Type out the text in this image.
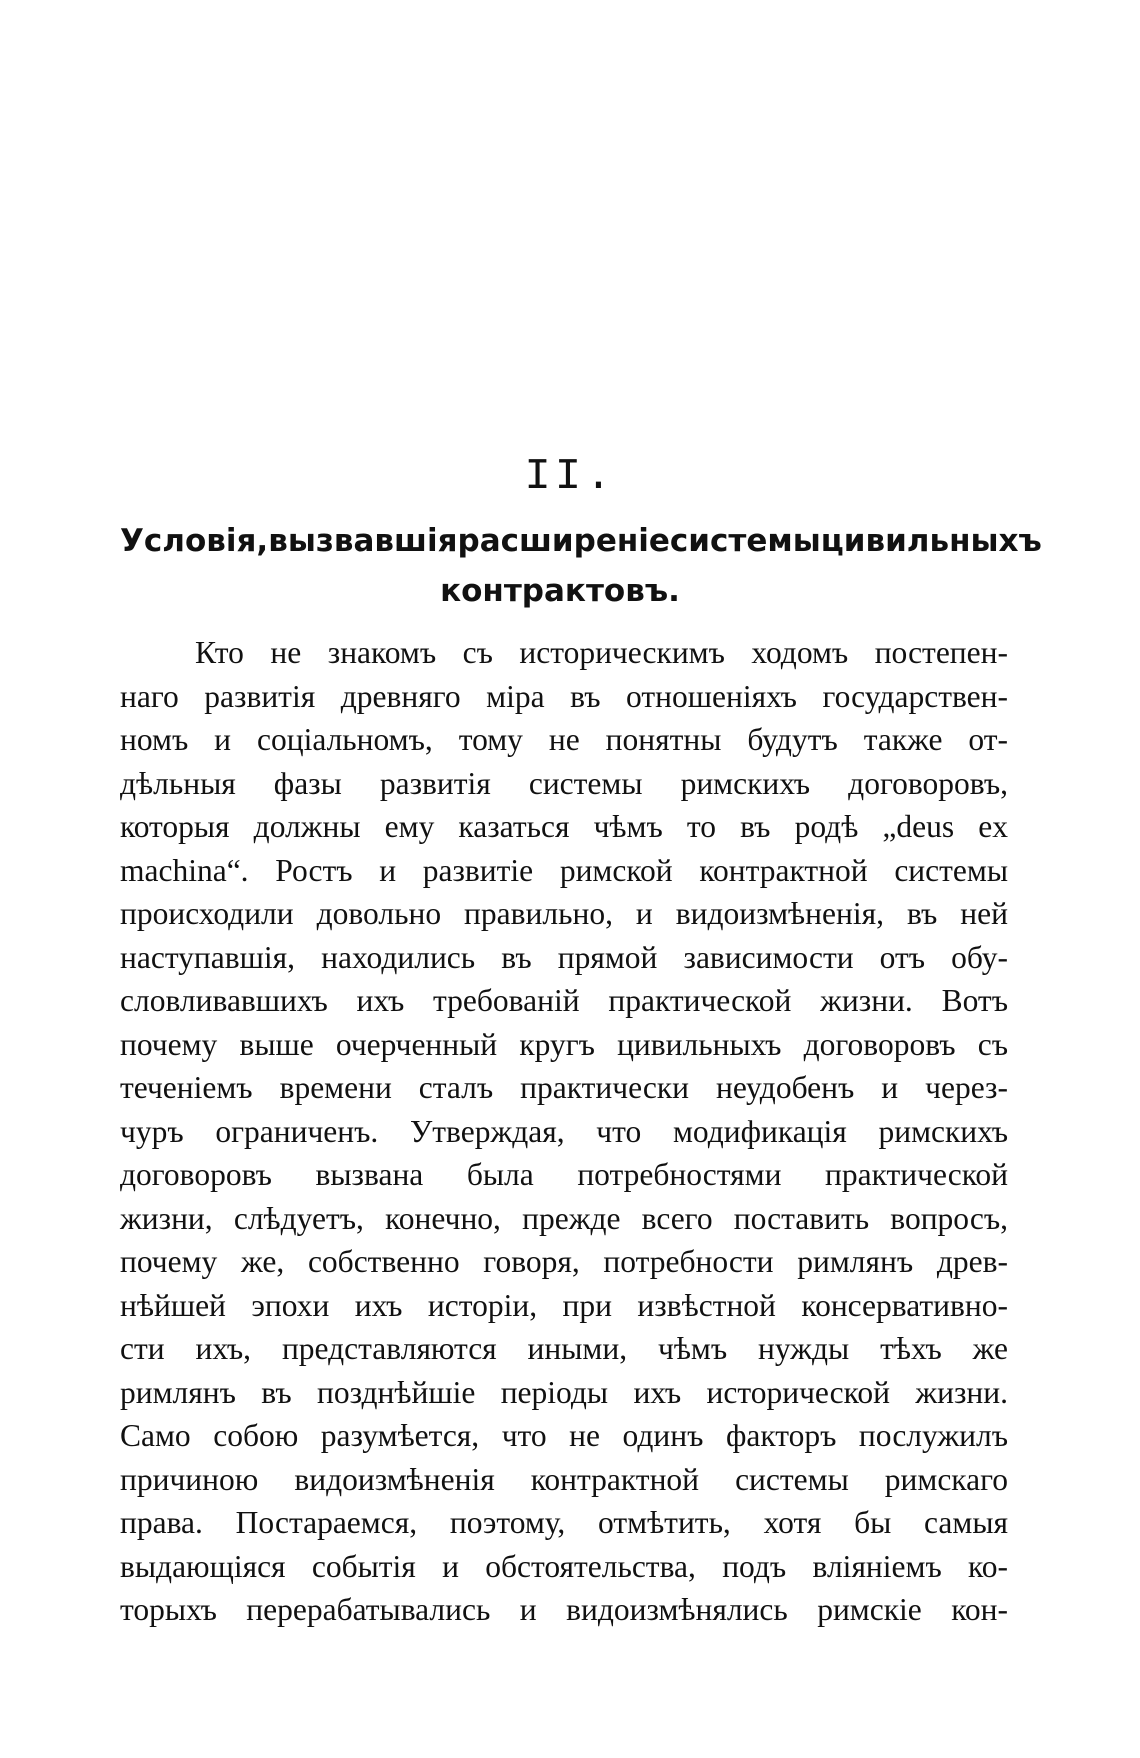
II.
Условія, вызвавшія расширеніе системы цивильныхъ
контрактовъ.
Кто не знакомъ съ историческимъ ходомъ постепен-
наго развитія древняго міра въ отношеніяхъ государствен-
номъ и соціальномъ, тому не понятны будутъ также от-
дѣльныя фазы развитія системы римскихъ договоровъ,
которыя должны ему казаться чѣмъ то въ родѣ „deus ex
machina“. Ростъ и развитіе римской контрактной системы
происходили довольно правильно, и видоизмѣненія, въ ней
наступавшія, находились въ прямой зависимости отъ обу-
словливавшихъ ихъ требованій практической жизни. Вотъ
почему выше очерченный кругъ цивильныхъ договоровъ съ
теченіемъ времени сталъ практически неудобенъ и через-
чуръ ограниченъ. Утверждая, что модификація римскихъ
договоровъ вызвана была потребностями практической
жизни, слѣдуетъ, конечно, прежде всего поставить вопросъ,
почему же, собственно говоря, потребности римлянъ древ-
нѣйшей эпохи ихъ исторіи, при извѣстной консервативно-
сти ихъ, представляются иными, чѣмъ нужды тѣхъ же
римлянъ въ позднѣйшіе періоды ихъ исторической жизни.
Само собою разумѣется, что не одинъ факторъ послужилъ
причиною видоизмѣненія контрактной системы римскаго
права. Постараемся, поэтому, отмѣтить, хотя бы самыя
выдающіяся событія и обстоятельства, подъ вліяніемъ ко-
торыхъ перерабатывались и видоизмѣнялись римскіе кон-
